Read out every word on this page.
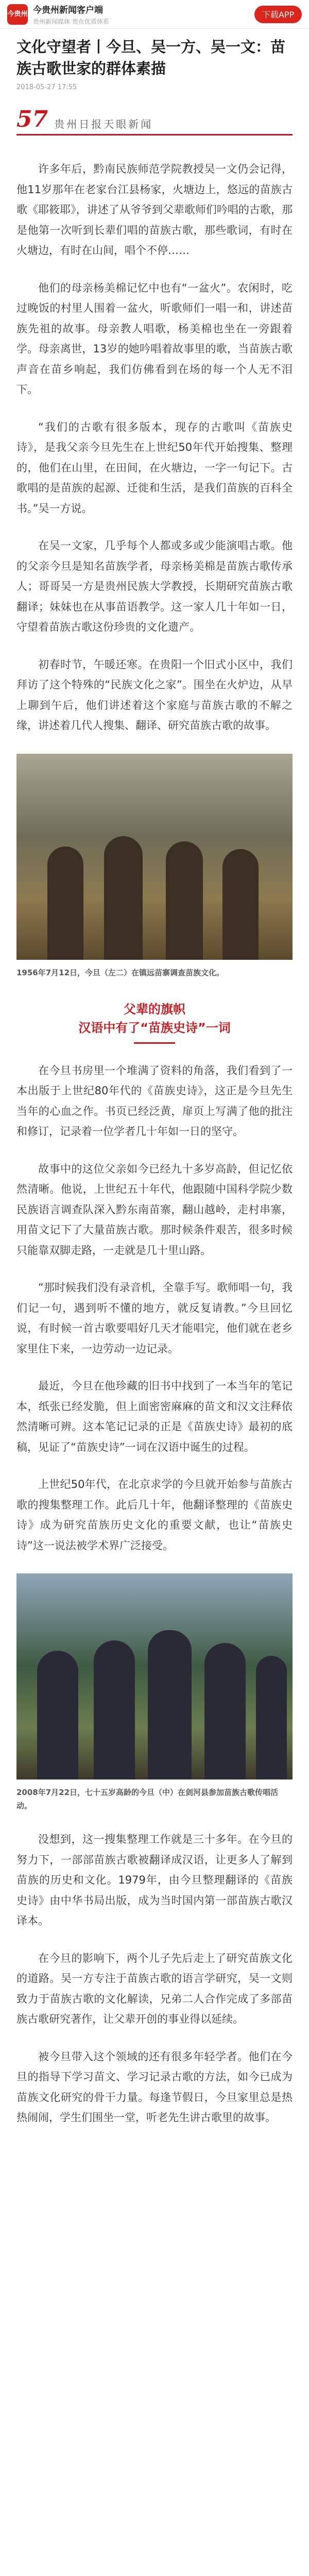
今贵州 今贵州新闻客户端
贵州新闻媒体 贵在优质体系
下载APP
文化守望者丨今旦、吴一方、吴一文：苗族古歌世家的群体素描
2018-05-27 17:55
57 贵州日报天眼新闻

许多年后，黔南民族师范学院教授吴一文仍会记得，他11岁那年在老家台江县杨家，火塘边上，悠远的苗族古歌《耶筱耶》，讲述了从爷爷到父辈歌师们吟唱的古歌，那是他第一次听到长辈们唱的苗族古歌，那些歌词，有时在火塘边，有时在山间，唱个不停……

他们的母亲杨美棉记忆中也有“一盆火”。农闲时，吃过晚饭的村里人围着一盆火，听歌师们一唱一和，讲述苗族先祖的故事。母亲教人唱歌，杨美棉也坐在一旁跟着学。母亲离世，13岁的她吟唱着故事里的歌，当苗族古歌声音在苗乡响起，我们仿佛看到在场的每一个人无不泪下。

“我们的古歌有很多版本，现存的古歌叫《苗族史诗》，是我父亲今旦先生在上世纪50年代开始搜集、整理的，他们在山里，在田间，在火塘边，一字一句记下。古歌唱的是苗族的起源、迁徙和生活，是我们苗族的百科全书。”吴一方说。

在吴一文家，几乎每个人都或多或少能演唱古歌。他的父亲今旦是知名苗族学者，母亲杨美棉是苗族古歌传承人；哥哥吴一方是贵州民族大学教授，长期研究苗族古歌翻译；妹妹也在从事苗语教学。这一家人几十年如一日，守望着苗族古歌这份珍贵的文化遗产。

初春时节，午暖还寒。在贵阳一个旧式小区中，我们拜访了这个特殊的“民族文化之家”。围坐在火炉边，从早上聊到午后，他们讲述着这个家庭与苗族古歌的不解之缘，讲述着几代人搜集、翻译、研究苗族古歌的故事。

1956年7月12日，今旦（左二）在镇远苗寨调查苗族文化。
父辈的旗帜
汉语中有了“苗族史诗”一词

在今旦书房里一个堆满了资料的角落，我们看到了一本出版于上世纪80年代的《苗族史诗》，这正是今旦先生当年的心血之作。书页已经泛黄，扉页上写满了他的批注和修订，记录着一位学者几十年如一日的坚守。

故事中的这位父亲如今已经九十多岁高龄，但记忆依然清晰。他说，上世纪五十年代，他跟随中国科学院少数民族语言调查队深入黔东南苗寨，翻山越岭，走村串寨，用苗文记下了大量苗族古歌。那时候条件艰苦，很多时候只能靠双脚走路，一走就是几十里山路。

“那时候我们没有录音机，全靠手写。歌师唱一句，我们记一句，遇到听不懂的地方，就反复请教。”今旦回忆说，有时候一首古歌要唱好几天才能唱完，他们就在老乡家里住下来，一边劳动一边记录。

最近，今旦在他珍藏的旧书中找到了一本当年的笔记本，纸张已经发脆，但上面密密麻麻的苗文和汉文注释依然清晰可辨。这本笔记记录的正是《苗族史诗》最初的底稿，见证了“苗族史诗”一词在汉语中诞生的过程。

上世纪50年代，在北京求学的今旦就开始参与苗族古歌的搜集整理工作。此后几十年，他翻译整理的《苗族史诗》成为研究苗族历史文化的重要文献，也让“苗族史诗”这一说法被学术界广泛接受。

2008年7月22日，七十五岁高龄的今旦（中）在剑河县参加苗族古歌传唱活动。

没想到，这一搜集整理工作就是三十多年。在今旦的努力下，一部部苗族古歌被翻译成汉语，让更多人了解到苗族的历史和文化。1979年，由今旦整理翻译的《苗族史诗》由中华书局出版，成为当时国内第一部苗族古歌汉译本。

在今旦的影响下，两个儿子先后走上了研究苗族文化的道路。吴一方专注于苗族古歌的语言学研究，吴一文则致力于苗族古歌的文化解读，兄弟二人合作完成了多部苗族古歌研究著作，让父辈开创的事业得以延续。

被今旦带入这个领域的还有很多年轻学者。他们在今旦的指导下学习苗文、学习记录古歌的方法，如今已成为苗族文化研究的骨干力量。每逢节假日，今旦家里总是热热闹闹，学生们围坐一堂，听老先生讲古歌里的故事。
